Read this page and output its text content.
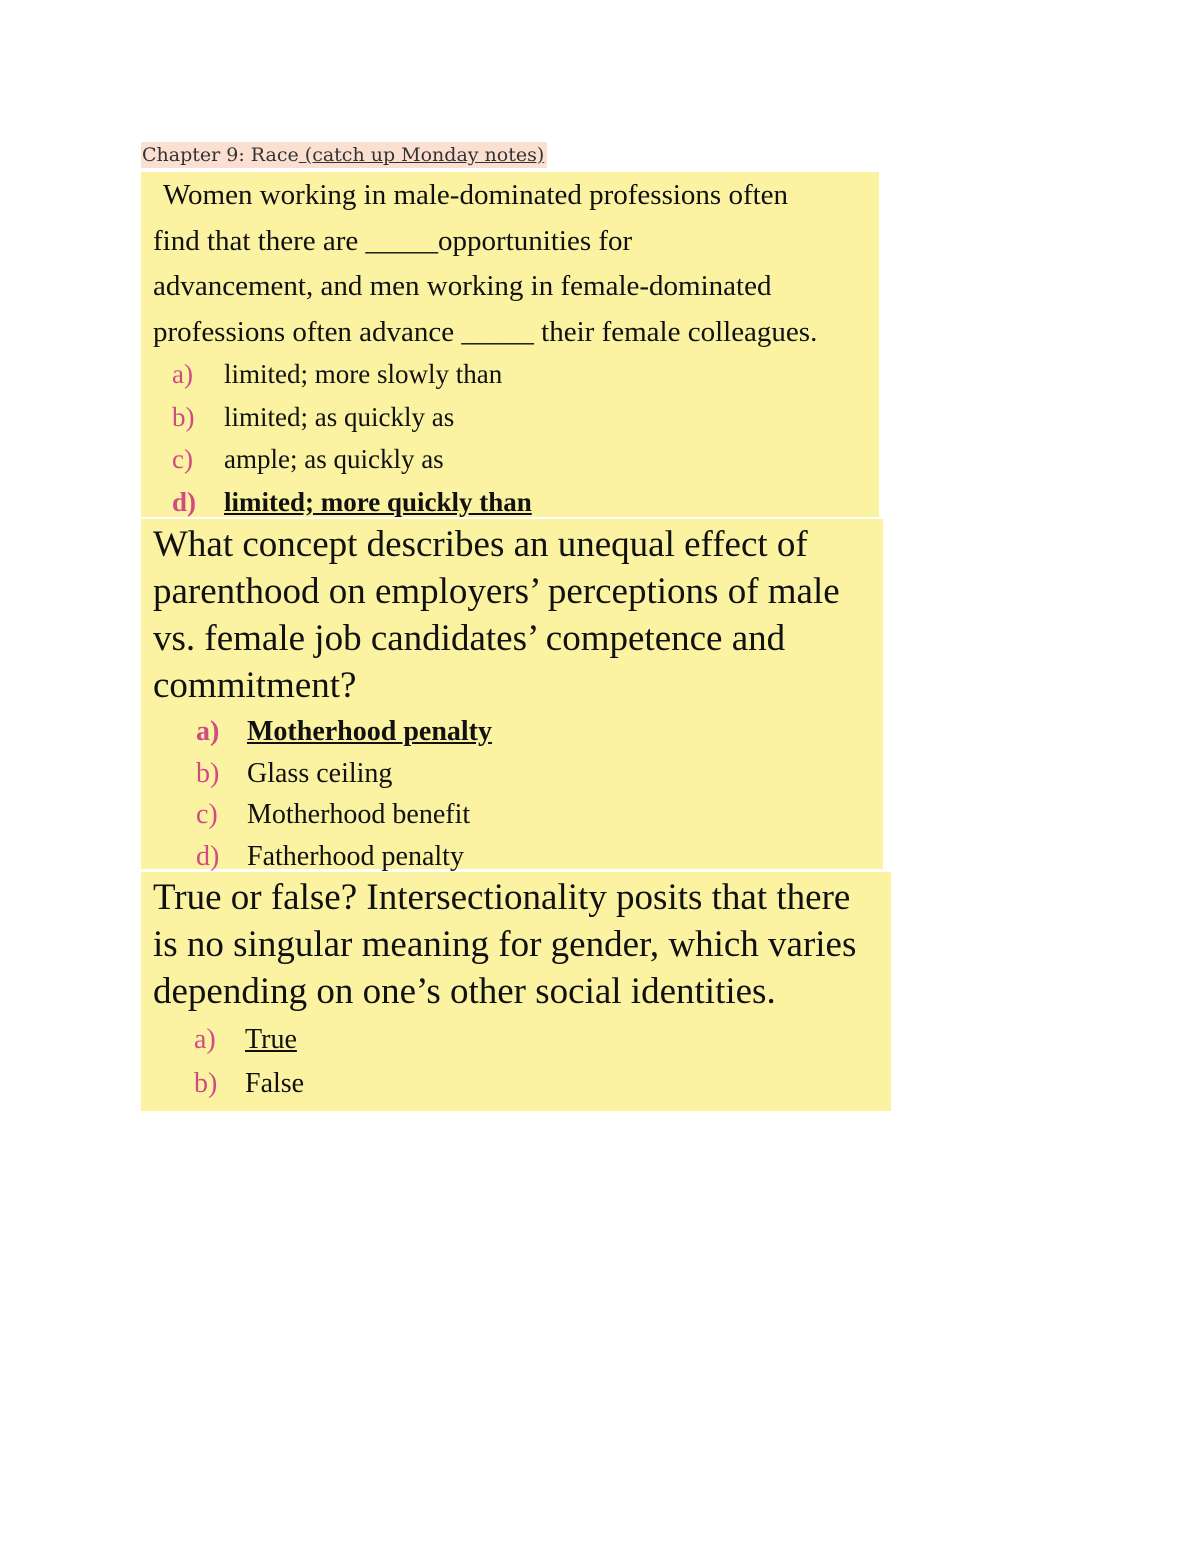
Chapter 9: Race (catch up Monday notes)
Women working in male-dominated professions often
find that there are _____opportunities for
advancement, and men working in female-dominated
professions often advance _____ their female colleagues.
a) limited; more slowly than
b) limited; as quickly as
c) ample; as quickly as
d) limited; more quickly than
What concept describes an unequal effect of
parenthood on employers’ perceptions of male
vs. female job candidates’ competence and
commitment?
a) Motherhood penalty
b) Glass ceiling
c) Motherhood benefit
d) Fatherhood penalty
True or false? Intersectionality posits that there
is no singular meaning for gender, which varies
depending on one’s other social identities.
a) True
b) False
